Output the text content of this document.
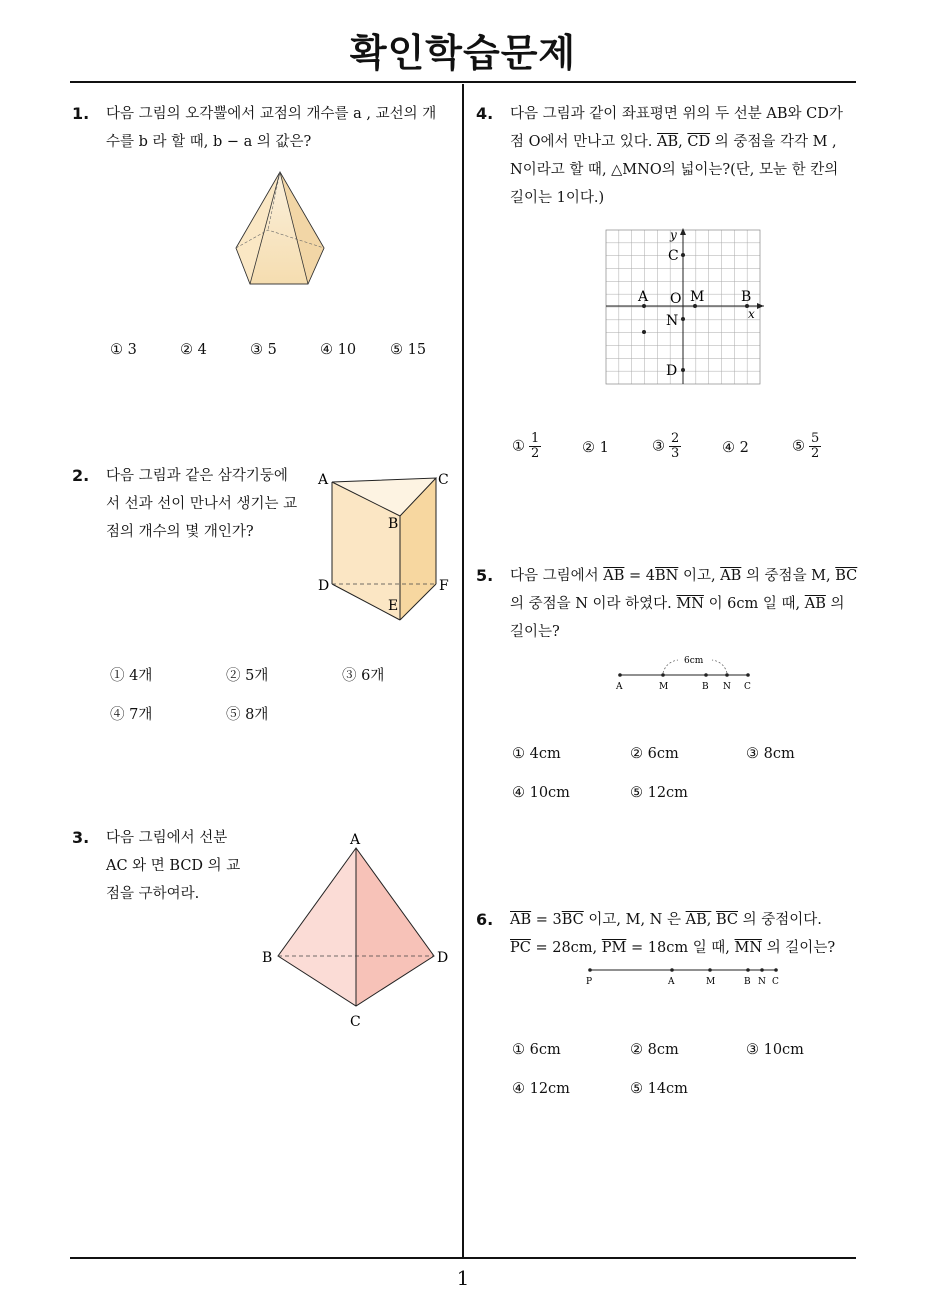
확인학습문제
1
1. 다음 그림의 오각뿔에서 교점의 개수를 a , 교선의 개
수를 b 라 할 때, b − a 의 값은?
① 3	② 4	③ 5	④ 10 ⑤ 15
2. 다음 그림과 같은 삼각기둥에
서 선과 선이 만나서 생기는 교
점의 개수의 몇 개인가?
A	C
B
D	F
E
① 4개	② 5개	③ 6개
④ 7개	⑤ 8개
3. 다음 그림에서 선분
AC 와 면 BCD 의 교
점을 구하여라.
A
B	D
C
4. 다음 그림과 같이 좌표평면 위의 두 선분 AB와 CD가
점 O에서 만나고 있다. $\overline{AB}$, $\overline{CD}$ 의 중점을 각각 M ,
N이라고 할 때, △MNO의 넓이는?(단, 모눈 한 칸의
길이는 1이다.)
y
x
C
A O M	B
N
D
① $\frac{1}{2}$	② 1	③ $\frac{2}{3}$	④ 2	⑤ $\frac{5}{2}$
5. 다음 그림에서 $\overline{AB} = 4\overline{BN}$ 이고, $\overline{AB}$ 의 중점을 M, $\overline{BC}$
의 중점을 N 이라 하였다. $\overline{MN}$ 이 6cm 일 때, $\overline{AB}$ 의
길이는?
6cm
A	M	B N C
① 4cm	② 6cm	③ 8cm
④ 10cm	⑤ 12cm
6. $\overline{AB} = 3\overline{BC}$ 이고, M, N 은 AB, $\overline{BC}$ 의 중점이다.
$\overline{PC} = 28cm$, $\overline{PM} = 18cm$ 일 때, $\overline{MN}$ 의 길이는?
P	A	M	B N C
① 6cm	② 8cm	③ 10cm
④ 12cm	⑤ 14cm
